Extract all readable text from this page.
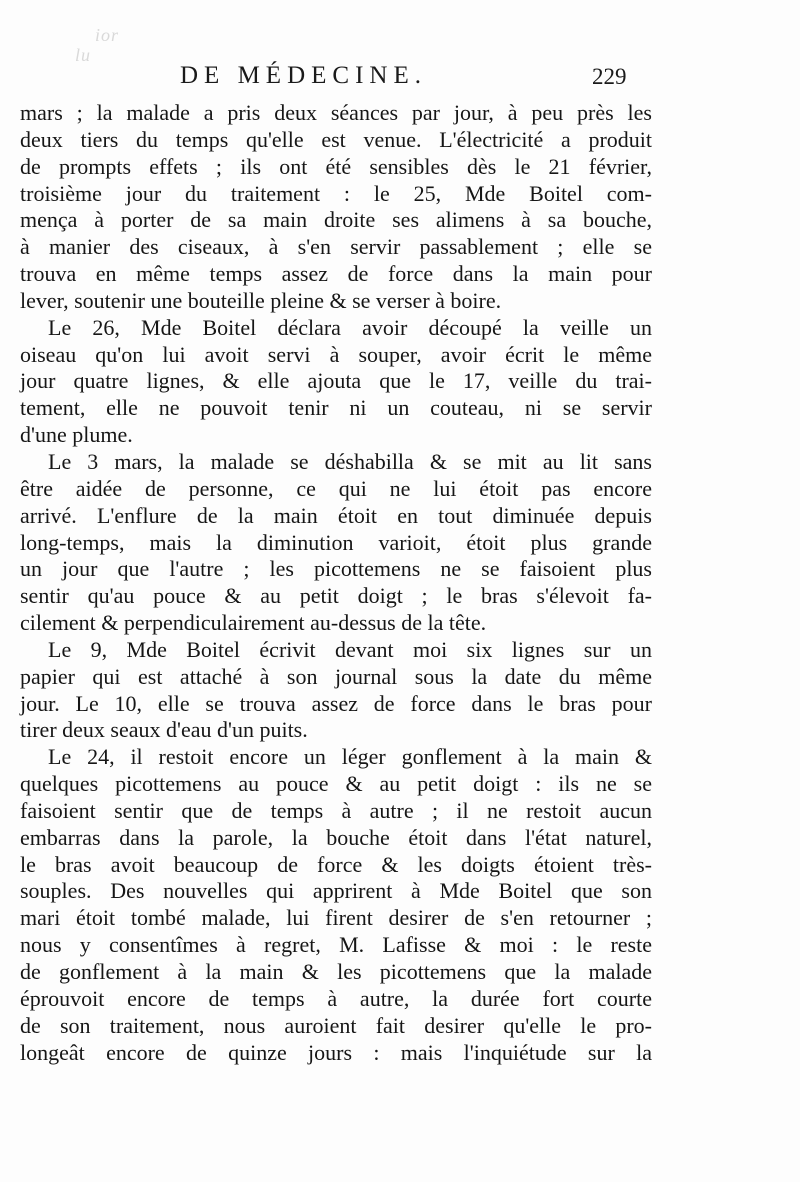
ior
lu
DE MÉDECINE.	229
mars ; la malade a pris deux séances par jour, à peu près les
deux tiers du temps qu'elle est venue. L'électricité a produit
de prompts effets ; ils ont été sensibles dès le 21 février,
troisième jour du traitement : le 25, Mde Boitel com-
mença à porter de sa main droite ses alimens à sa bouche,
à manier des ciseaux, à s'en servir passablement ; elle se
trouva en même temps assez de force dans la main pour
lever, soutenir une bouteille pleine & se verser à boire.
Le 26, Mde Boitel déclara avoir découpé la veille un
oiseau qu'on lui avoit servi à souper, avoir écrit le même
jour quatre lignes, & elle ajouta que le 17, veille du trai-
tement, elle ne pouvoit tenir ni un couteau, ni se servir
d'une plume.
Le 3 mars, la malade se déshabilla & se mit au lit sans
être aidée de personne, ce qui ne lui étoit pas encore
arrivé. L'enflure de la main étoit en tout diminuée depuis
long-temps, mais la diminution varioit, étoit plus grande
un jour que l'autre ; les picottemens ne se faisoient plus
sentir qu'au pouce & au petit doigt ; le bras s'élevoit fa-
cilement & perpendiculairement au-dessus de la tête.
Le 9, Mde Boitel écrivit devant moi six lignes sur un
papier qui est attaché à son journal sous la date du même
jour. Le 10, elle se trouva assez de force dans le bras pour
tirer deux seaux d'eau d'un puits.
Le 24, il restoit encore un léger gonflement à la main &
quelques picottemens au pouce & au petit doigt : ils ne se
faisoient sentir que de temps à autre ; il ne restoit aucun
embarras dans la parole, la bouche étoit dans l'état naturel,
le bras avoit beaucoup de force & les doigts étoient très-
souples. Des nouvelles qui apprirent à Mde Boitel que son
mari étoit tombé malade, lui firent desirer de s'en retourner ;
nous y consentîmes à regret, M. Lafisse & moi : le reste
de gonflement à la main & les picottemens que la malade
éprouvoit encore de temps à autre, la durée fort courte
de son traitement, nous auroient fait desirer qu'elle le pro-
longeât encore de quinze jours : mais l'inquiétude sur la
